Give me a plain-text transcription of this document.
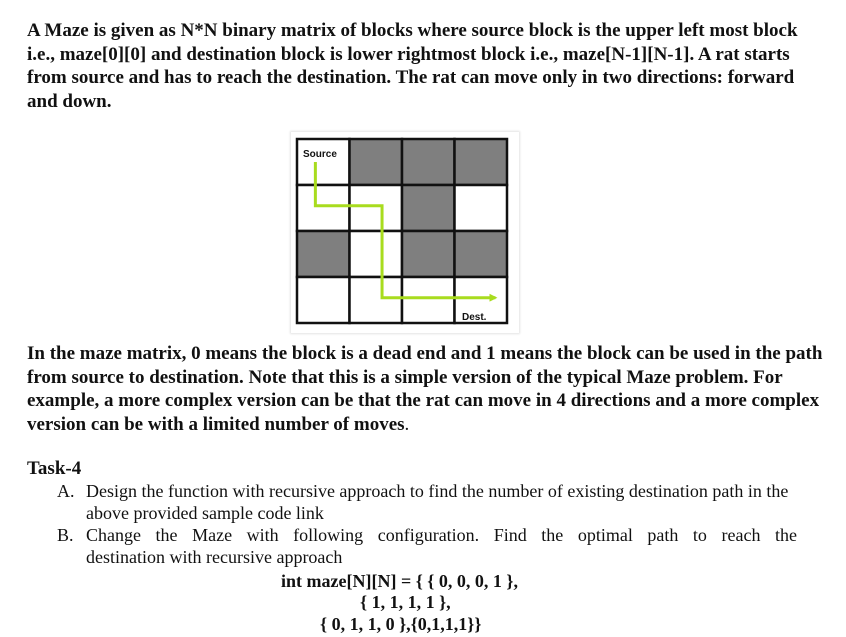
A Maze is given as N*N binary matrix of blocks where source block is the upper left most block i.e., maze[0][0] and destination block is lower rightmost block i.e., maze[N-1][N-1]. A rat starts from source and has to reach the destination. The rat can move only in two directions: forward and down.

Source
Dest.

In the maze matrix, 0 means the block is a dead end and 1 means the block can be used in the path from source to destination. Note that this is a simple version of the typical Maze problem. For example, a more complex version can be that the rat can move in 4 directions and a more complex version can be with a limited number of moves.

Task-4

A. Design the function with recursive approach to find the number of existing destination path in the above provided sample code link
B. Change the Maze with following configuration. Find the optimal path to reach the
destination with recursive approach
int maze[N][N] = { { 0, 0, 0, 1 },
{ 1, 1, 1, 1 },
{ 0, 1, 1, 0 },{0,1,1,1}}
